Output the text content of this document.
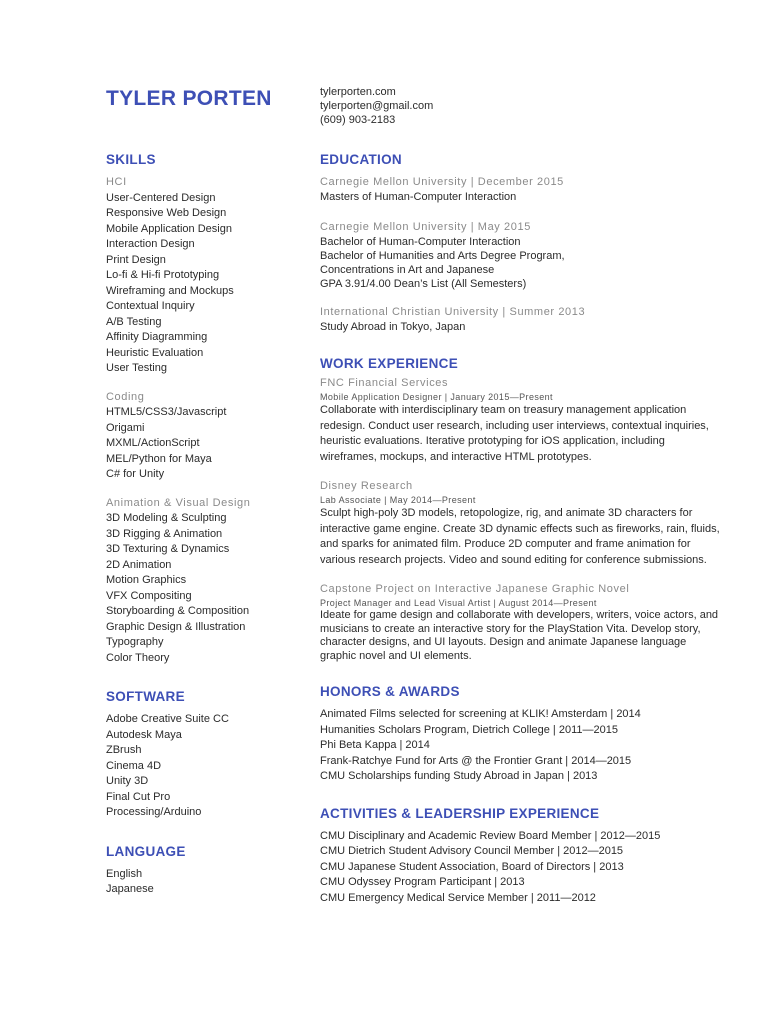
TYLER PORTEN
SKILLS
HCI
User-Centered Design
Responsive Web Design
Mobile Application Design
Interaction Design
Print Design
Lo-fi & Hi-fi Prototyping
Wireframing and Mockups
Contextual Inquiry
A/B Testing
Affinity Diagramming
Heuristic Evaluation
User Testing
Coding
HTML5/CSS3/Javascript
Origami
MXML/ActionScript
MEL/Python for Maya
C# for Unity
Animation & Visual Design
3D Modeling & Sculpting
3D Rigging & Animation
3D Texturing & Dynamics
2D Animation
Motion Graphics
VFX Compositing
Storyboarding & Composition
Graphic Design & Illustration
Typography
Color Theory
SOFTWARE
Adobe Creative Suite CC
Autodesk Maya
ZBrush
Cinema 4D
Unity 3D
Final Cut Pro
Processing/Arduino
LANGUAGE
English
Japanese
tylerporten.com
tylerporten@gmail.com
(609) 903-2183
EDUCATION
Carnegie Mellon University | December 2015
Masters of Human-Computer Interaction
Carnegie Mellon University | May 2015
Bachelor of Human-Computer Interaction
Bachelor of Humanities and Arts Degree Program,
Concentrations in Art and Japanese
GPA 3.91/4.00 Dean’s List (All Semesters)
International Christian University | Summer 2013
Study Abroad in Tokyo, Japan
WORK EXPERIENCE
FNC Financial Services
Mobile Application Designer | January 2015—Present
Collaborate with interdisciplinary team on treasury management application redesign. Conduct user research, including user interviews, contextual inquiries, heuristic evaluations. Iterative prototyping for iOS application, including wireframes, mockups, and interactive HTML prototypes.
Disney Research
Lab Associate | May 2014—Present
Sculpt high-poly 3D models, retopologize, rig, and animate 3D characters for interactive game engine. Create 3D dynamic effects such as fireworks, rain, fluids, and sparks for animated film. Produce 2D computer and frame animation for various research projects. Video and sound editing for conference submissions.
Capstone Project on Interactive Japanese Graphic Novel
Project Manager and Lead Visual Artist | August 2014—Present
Ideate for game design and collaborate with developers, writers, voice actors, and musicians to create an interactive story for the PlayStation Vita. Develop story, character designs, and UI layouts. Design and animate Japanese language graphic novel and UI elements.
HONORS & AWARDS
Animated Films selected for screening at KLIK! Amsterdam | 2014
Humanities Scholars Program, Dietrich College | 2011—2015
Phi Beta Kappa | 2014
Frank-Ratchye Fund for Arts @ the Frontier Grant | 2014—2015
CMU Scholarships funding Study Abroad in Japan | 2013
ACTIVITIES & LEADERSHIP EXPERIENCE
CMU Disciplinary and Academic Review Board Member | 2012—2015
CMU Dietrich Student Advisory Council Member | 2012—2015
CMU Japanese Student Association, Board of Directors | 2013
CMU Odyssey Program Participant | 2013
CMU Emergency Medical Service Member | 2011—2012
